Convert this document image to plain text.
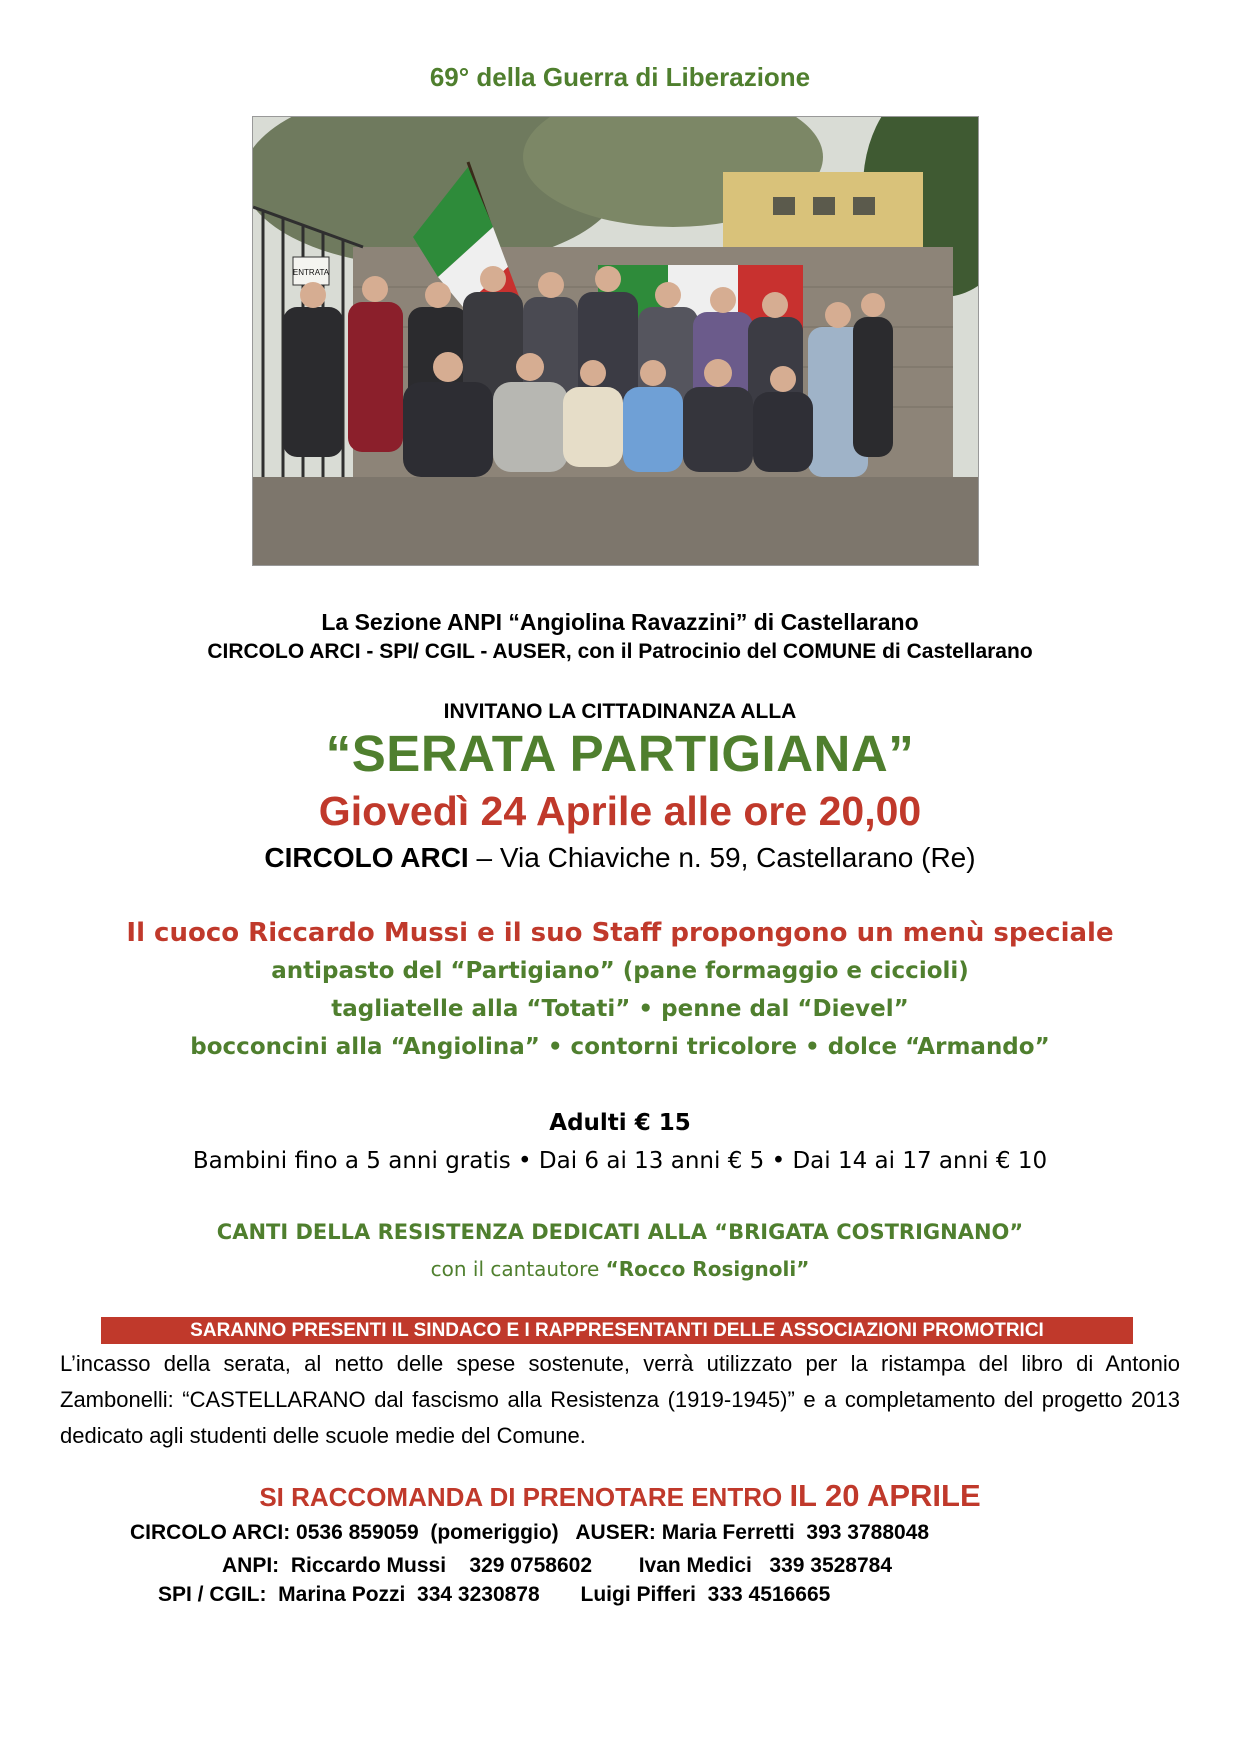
69° della Guerra di Liberazione
ENTRATA
La Sezione ANPI “Angiolina Ravazzini” di Castellarano
CIRCOLO ARCI - SPI/ CGIL - AUSER, con il Patrocinio del COMUNE di Castellarano
INVITANO LA CITTADINANZA ALLA
“SERATA PARTIGIANA”
Giovedì 24 Aprile alle ore 20,00
CIRCOLO ARCI – Via Chiaviche n. 59, Castellarano (Re)
Il cuoco Riccardo Mussi e il suo Staff propongono un menù speciale
antipasto del “Partigiano” (pane formaggio e ciccioli)
tagliatelle alla “Totati” • penne dal “Dievel”
bocconcini alla “Angiolina” • contorni tricolore • dolce “Armando”
Adulti € 15
Bambini fino a 5 anni gratis • Dai 6 ai 13 anni € 5 • Dai 14 ai 17 anni € 10
CANTI DELLA RESISTENZA DEDICATI ALLA “BRIGATA COSTRIGNANO”
con il cantautore “Rocco Rosignoli”
SARANNO PRESENTI IL SINDACO E I RAPPRESENTANTI DELLE ASSOCIAZIONI PROMOTRICI
L’incasso della serata, al netto delle spese sostenute, verrà utilizzato per la ristampa del libro di Antonio Zambonelli: “CASTELLARANO dal fascismo alla Resistenza (1919-1945)” e a completamento del progetto 2013 dedicato agli studenti delle scuole medie del Comune.
SI RACCOMANDA DI PRENOTARE ENTRO IL 20 APRILE
CIRCOLO ARCI: 0536 859059  (pomeriggio)   AUSER: Maria Ferretti  393 3788048
ANPI:  Riccardo Mussi    329 0758602        Ivan Medici   339 3528784
SPI / CGIL:  Marina Pozzi  334 3230878       Luigi Pifferi  333 4516665
